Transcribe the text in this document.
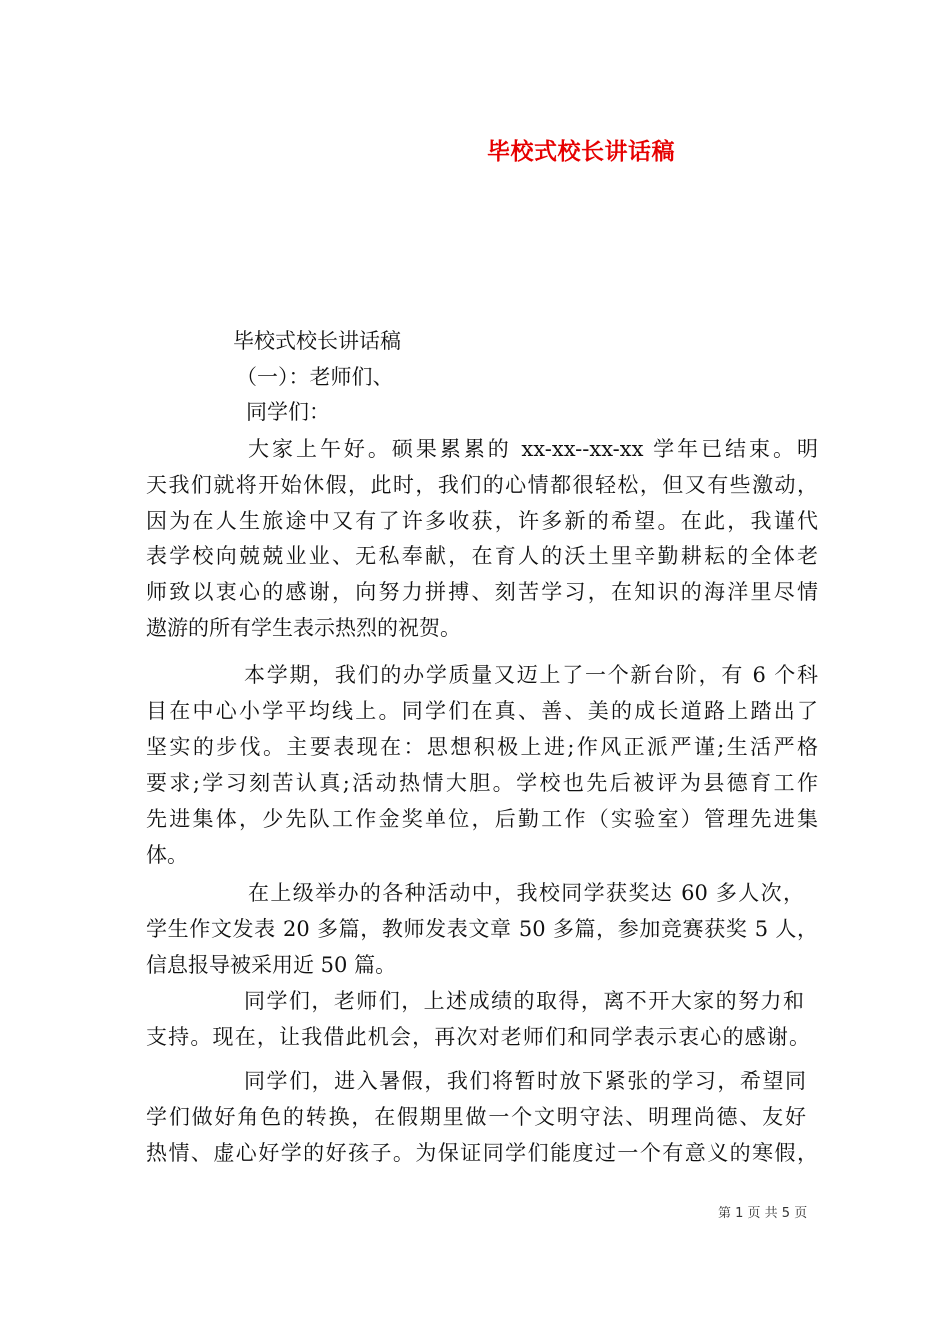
毕校式校长讲话稿
毕校式校长讲话稿
（一）：老师们、
同学们：
大家上午好。硕果累累的 xx-xx--xx-xx 学年已结束。明
天我们就将开始休假，此时，我们的心情都很轻松，但又有些激动，
因为在人生旅途中又有了许多收获，许多新的希望。在此，我谨代
表学校向兢兢业业、无私奉献，在育人的沃土里辛勤耕耘的全体老
师致以衷心的感谢，向努力拼搏、刻苦学习，在知识的海洋里尽情
遨游的所有学生表示热烈的祝贺。
本学期，我们的办学质量又迈上了一个新台阶，有 6 个科
目在中心小学平均线上。同学们在真、善、美的成长道路上踏出了
坚实的步伐。主要表现在：思想积极上进;作风正派严谨;生活严格
要求;学习刻苦认真;活动热情大胆。学校也先后被评为县德育工作
先进集体，少先队工作金奖单位，后勤工作（实验室）管理先进集
体。
在上级举办的各种活动中，我校同学获奖达 60 多人次，
学生作文发表 20 多篇，教师发表文章 50 多篇，参加竞赛获奖 5 人，
信息报导被采用近 50 篇。
同学们，老师们，上述成绩的取得，离不开大家的努力和
支持。现在，让我借此机会，再次对老师们和同学表示衷心的感谢。
同学们，进入暑假，我们将暂时放下紧张的学习，希望同
学们做好角色的转换，在假期里做一个文明守法、明理尚德、友好
热情、虚心好学的好孩子。为保证同学们能度过一个有意义的寒假，
第 1 页 共 5 页
